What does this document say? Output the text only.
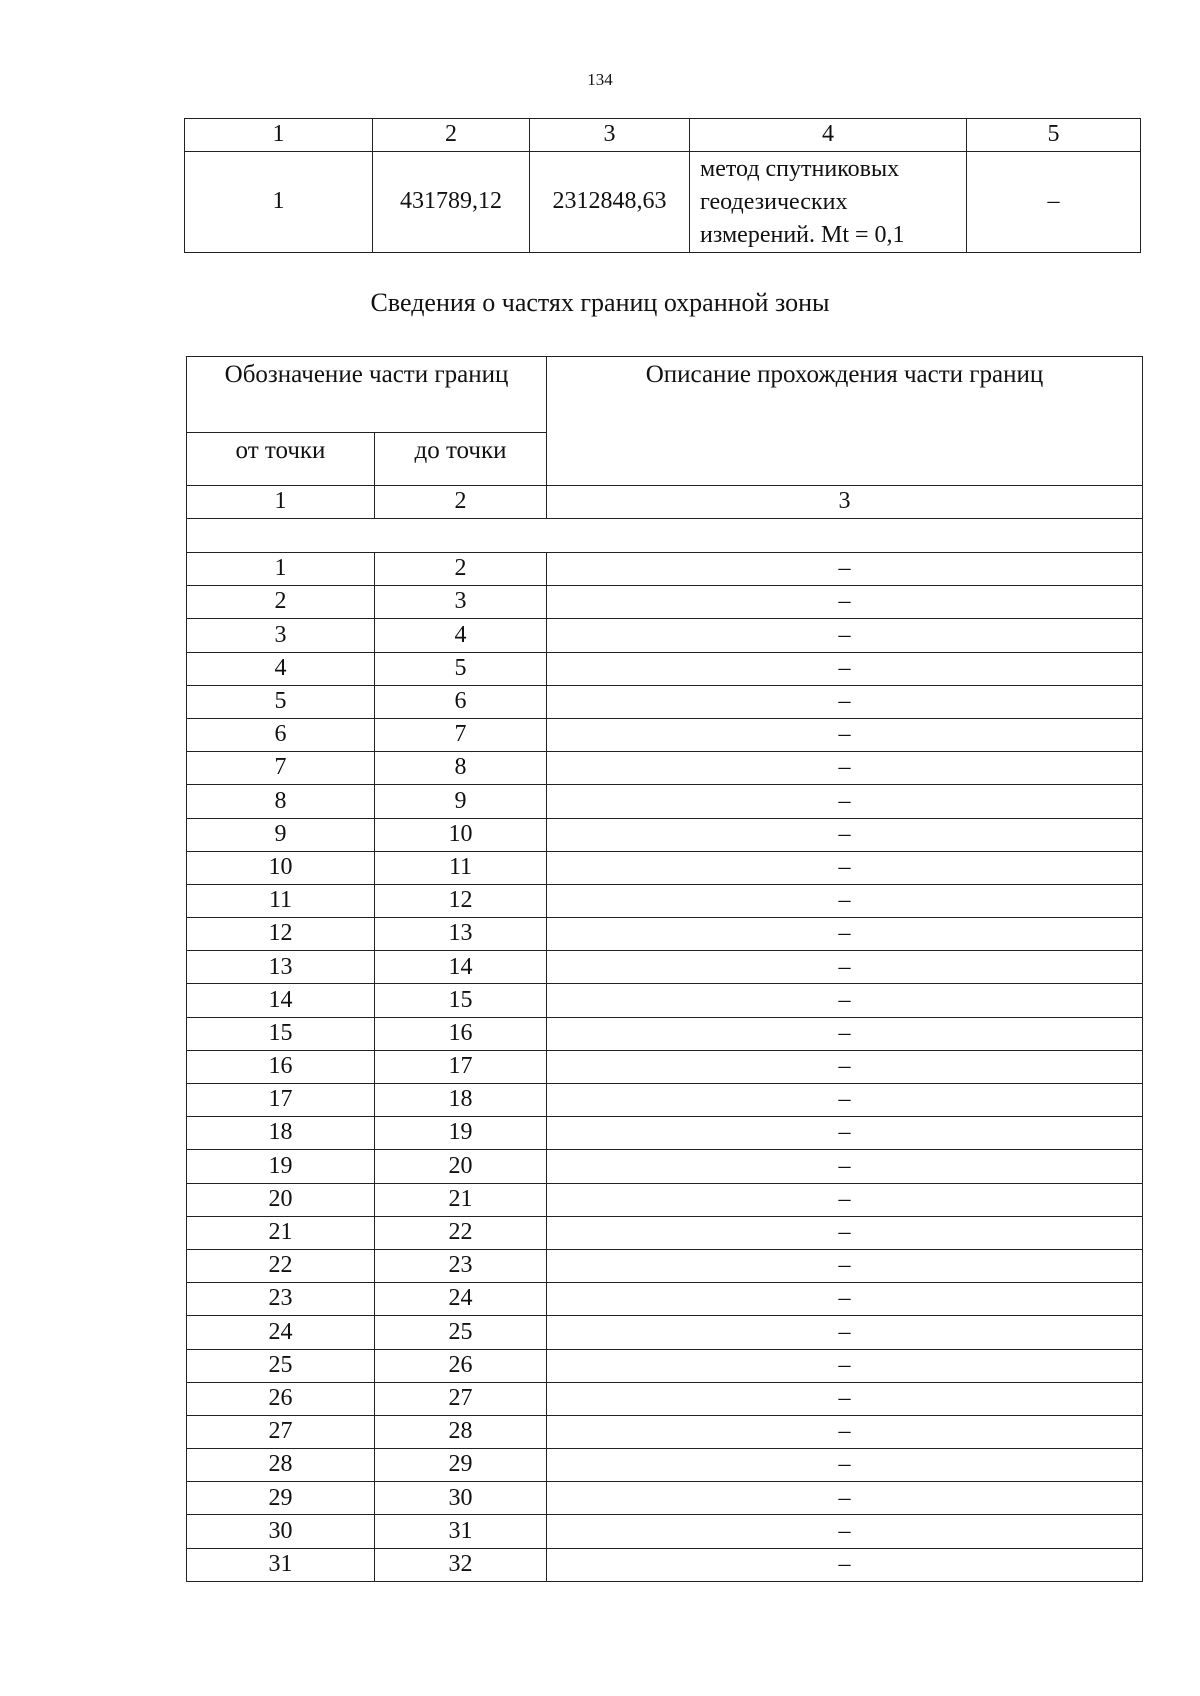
134
1	2	3	4	5
1	431789,12	2312848,63	метод спутниковых
геодезических
измерений. Mt = 0,1	–
Сведения о частях границ охранной зоны
Обозначение части границ		Описание прохождения части границ
от точки	до точки	
1	2	3

1	2	–
2	3	–
3	4	–
4	5	–
5	6	–
6	7	–
7	8	–
8	9	–
9	10	–
10	11	–
11	12	–
12	13	–
13	14	–
14	15	–
15	16	–
16	17	–
17	18	–
18	19	–
19	20	–
20	21	–
21	22	–
22	23	–
23	24	–
24	25	–
25	26	–
26	27	–
27	28	–
28	29	–
29	30	–
30	31	–
31	32	–
